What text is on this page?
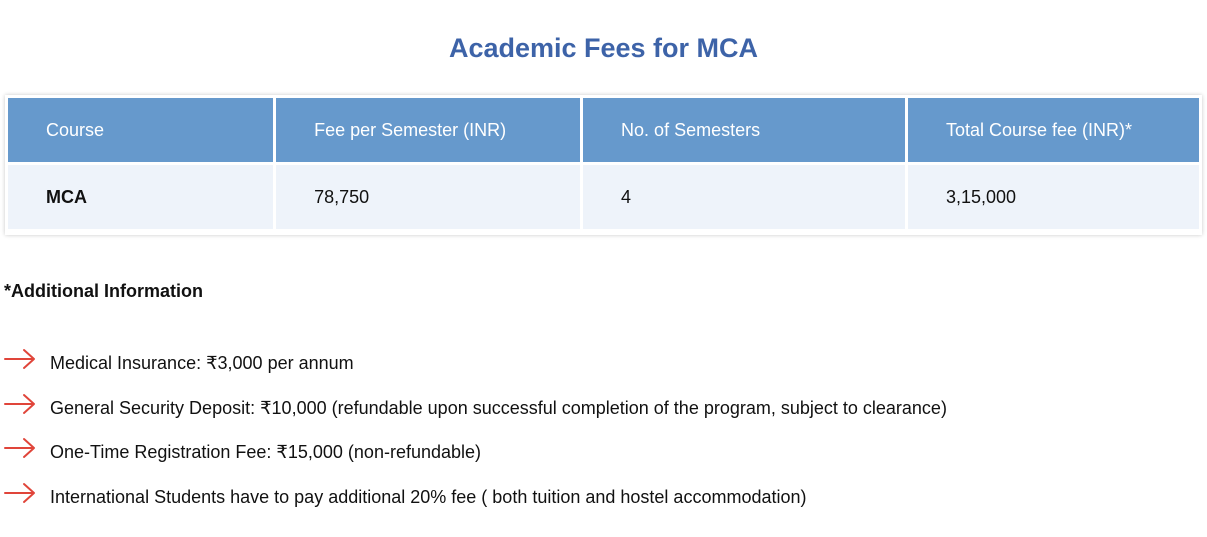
Academic Fees for MCA
Course	Fee per Semester (INR)	No. of Semesters	Total Course fee (INR)*
MCA	78,750	4	3,15,000
*Additional Information
Medical Insurance: ₹3,000 per annum
General Security Deposit: ₹10,000 (refundable upon successful completion of the program, subject to clearance)
One-Time Registration Fee: ₹15,000 (non-refundable)
International Students have to pay additional 20% fee ( both tuition and hostel accommodation)
